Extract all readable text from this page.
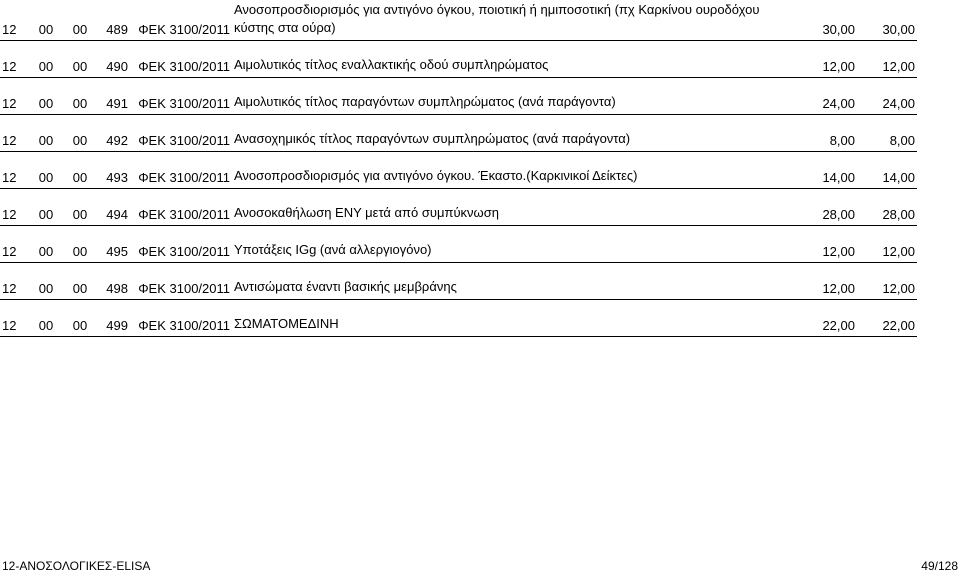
12	00	00	489	ΦΕΚ 3100/2011	Ανοσοπροσδιορισμός για αντιγόνο όγκου, ποιοτική ή ημιποσοτική (πχ Καρκίνου ουροδόχου κύστης στα ούρα)	30,00	30,00
12	00	00	490	ΦΕΚ 3100/2011	Αιμολυτικός τίτλος εναλλακτικής οδού συμπληρώματος	12,00	12,00
12	00	00	491	ΦΕΚ 3100/2011	Αιμολυτικός τίτλος παραγόντων συμπληρώματος (ανά παράγοντα)	24,00	24,00
12	00	00	492	ΦΕΚ 3100/2011	Ανασοχημικός τίτλος παραγόντων συμπληρώματος (ανά παράγοντα)	8,00	8,00
12	00	00	493	ΦΕΚ 3100/2011	Ανοσοπροσδιορισμός για αντιγόνο όγκου. Έκαστο.(Καρκινικοί Δείκτες)	14,00	14,00
12	00	00	494	ΦΕΚ 3100/2011	Ανοσοκαθήλωση ΕΝΥ μετά από συμπύκνωση	28,00	28,00
12	00	00	495	ΦΕΚ 3100/2011	Υποτάξεις IGg (ανά αλλεργιογόνο)	12,00	12,00
12	00	00	498	ΦΕΚ 3100/2011	Αντισώματα έναντι βασικής μεμβράνης	12,00	12,00
12	00	00	499	ΦΕΚ 3100/2011	ΣΩΜΑΤΟΜΕΔΙΝΗ	22,00	22,00
12-ΑΝΟΣΟΛΟΓΙΚΕΣ-ELISA	49/128
